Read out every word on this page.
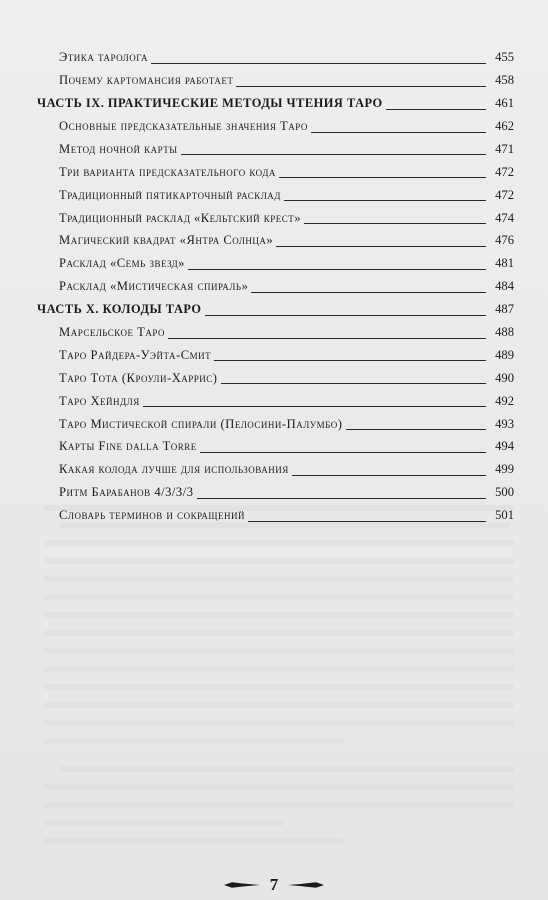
Этика таролога	455
Почему картомансия работает	458
ЧАСТЬ IX. ПРАКТИЧЕСКИЕ МЕТОДЫ ЧТЕНИЯ ТАРО	461
Основные предсказательные значения Таро	462
Метод ночной карты	471
Три варианта предсказательного кода	472
Традиционный пятикарточный расклад	472
Традиционный расклад «Кельтский крест»	474
Магический квадрат «Янтра Солнца»	476
Расклад «Семь звезд»	481
Расклад «Мистическая спираль»	484
ЧАСТЬ X. КОЛОДЫ ТАРО	487
Марсельское Таро	488
Таро Райдера-Уэйта-Смит	489
Таро Тота (Кроули-Харрис)	490
Таро Хейндля	492
Таро Мистической спирали (Пелосини-Палумбо)	493
Карты Fine dalla Torre	494
Какая колода лучше для использования	499
Ритм Барабанов 4/3/3/3	500
Словарь терминов и сокращений	501
7
